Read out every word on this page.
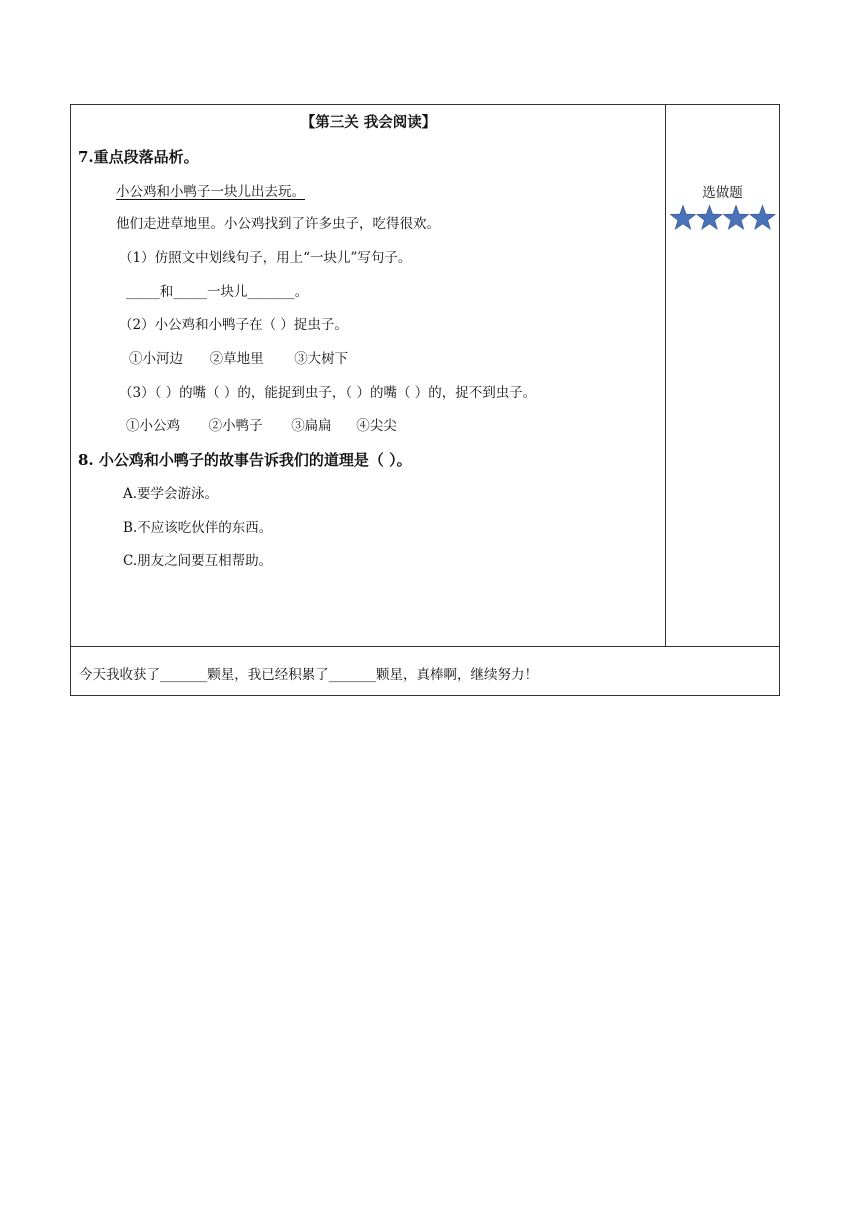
【第三关 我会阅读】
7.重点段落品析。
小公鸡和小鸭子一块儿出去玩。
他们走进草地里。小公鸡找到了许多虫子，吃得很欢。
（1）仿照文中划线句子，用上“一块儿”写句子。
_____和_____一块儿_______。
（2）小公鸡和小鸭子在（ ）捉虫子。
①小河边 ②草地里 ③大树下
（3）（ ）的嘴（ ）的，能捉到虫子，（ ）的嘴（ ）的，捉不到虫子。
①小公鸡 ②小鸭子 ③扁扁 ④尖尖
8. 小公鸡和小鸭子的故事告诉我们的道理是（ ）。
A.要学会游泳。
B.不应该吃伙伴的东西。
C.朋友之间要互相帮助。
选做题
今天我收获了_______颗星，我已经积累了_______颗星，真棒啊，继续努力！
